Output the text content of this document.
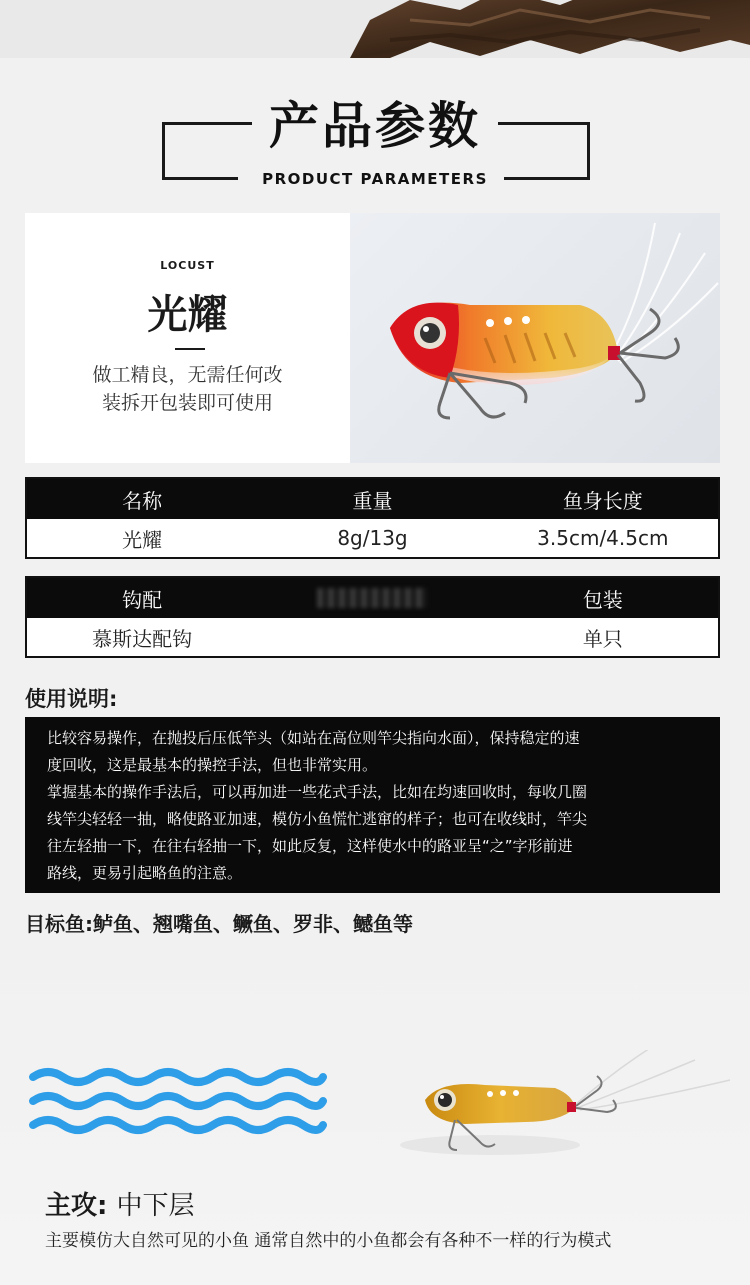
产品参数
PRODUCT PARAMETERS
LOCUST
光耀
做工精良，无需任何改
装拆开包装即可使用
名称	重量	鱼身长度
光耀	8g/13g	3.5cm/4.5cm
钩配	包装
慕斯达配钩	单只
使用说明:

比较容易操作，在抛投后压低竿头（如站在高位则竿尖指向水面），保持稳定的速

度回收，这是最基本的操控手法，但也非常实用。

掌握基本的操作手法后，可以再加进一些花式手法，比如在均速回收时，每收几圈

线竿尖轻轻一抽，略使路亚加速，模仿小鱼慌忙逃窜的样子；也可在收线时，竿尖

往左轻抽一下，在往右轻抽一下，如此反复，这样使水中的路亚呈“之”字形前进

路线，更易引起略鱼的注意。

目标鱼:鲈鱼、翘嘴鱼、鳜鱼、罗非、鳡鱼等
主攻: 中下层
主要模仿大自然可见的小鱼 通常自然中的小鱼都会有各种不一样的行为模式
